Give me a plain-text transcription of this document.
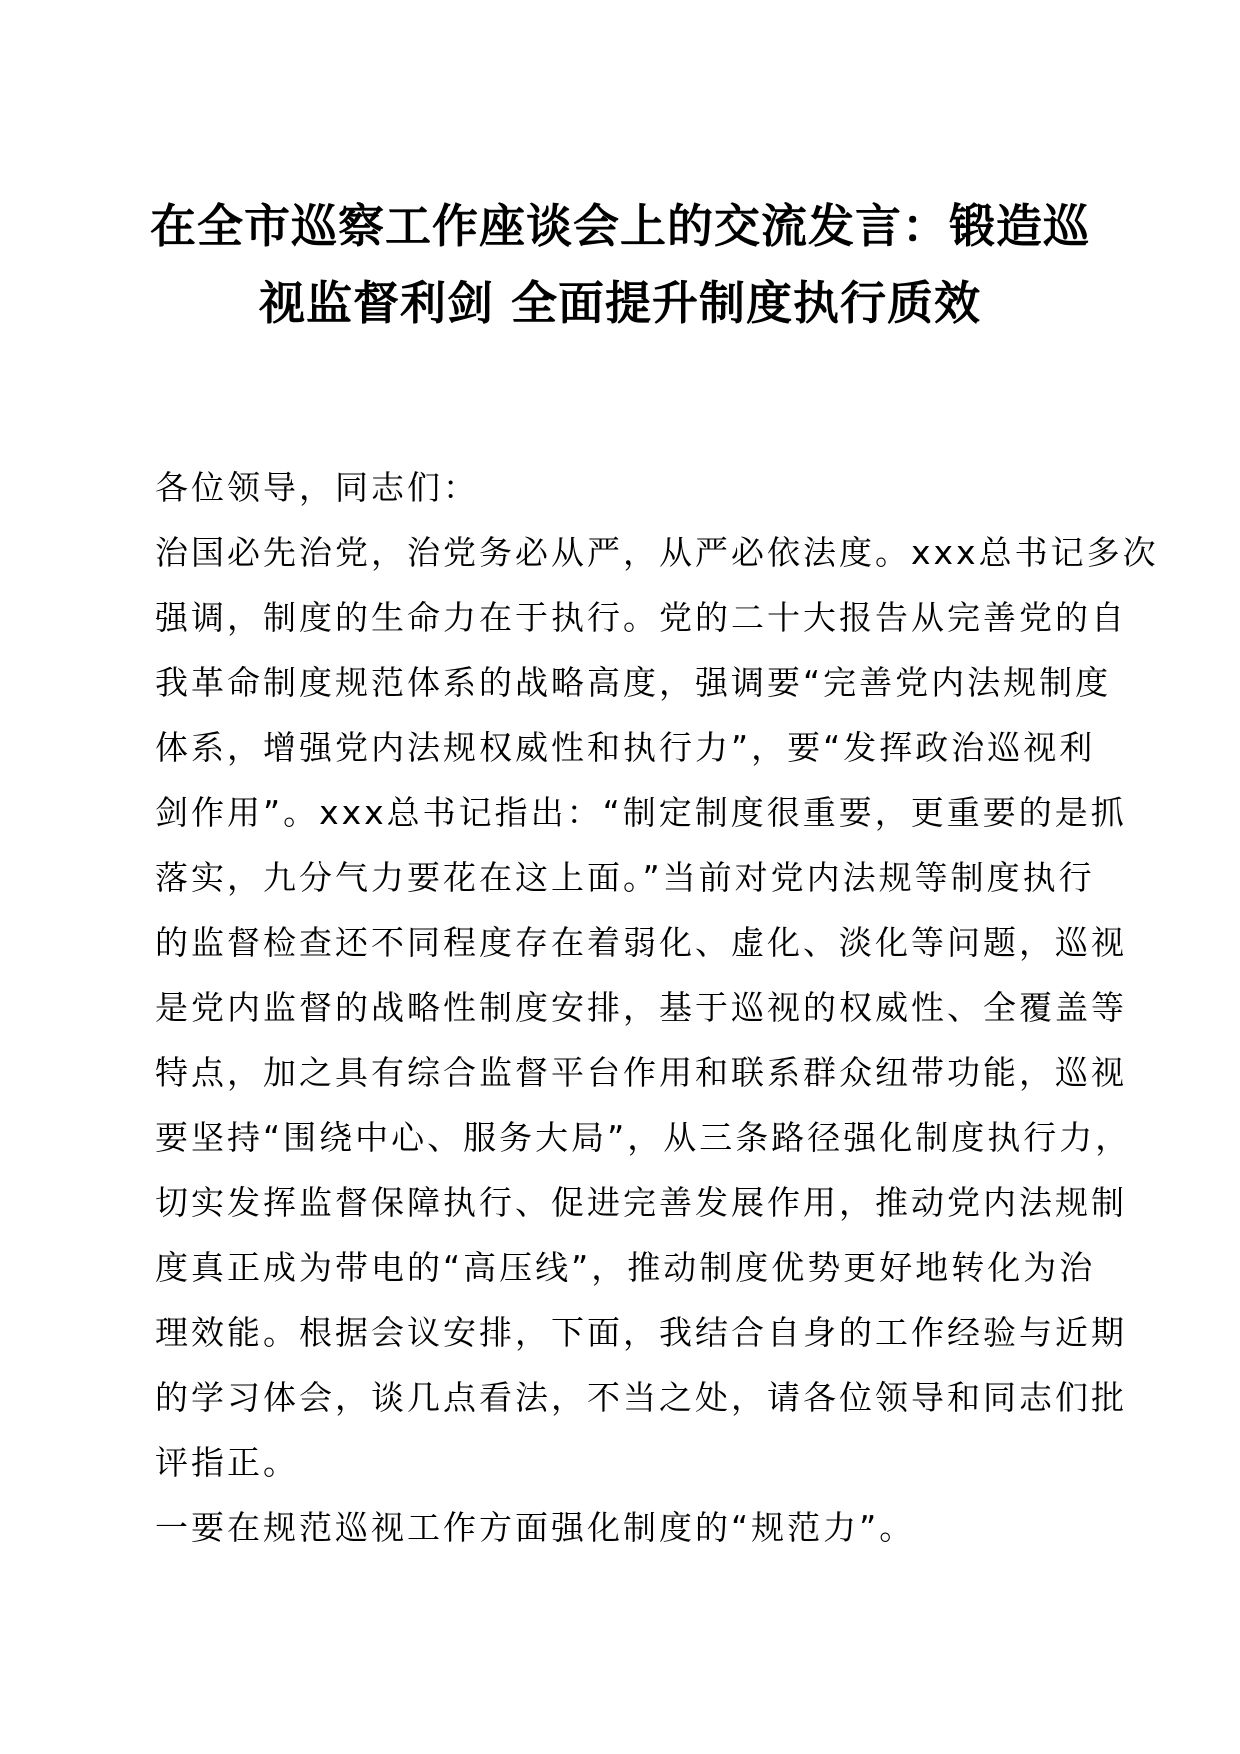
在全市巡察工作座谈会上的交流发言：锻造巡
视监督利剑 全面提升制度执行质效

各位领导，同志们：

治国必先治党，治党务必从严，从严必依法度。xxx总书记多次
强调，制度的生命力在于执行。党的二十大报告从完善党的自
我革命制度规范体系的战略高度，强调要“完善党内法规制度
体系，增强党内法规权威性和执行力”，要“发挥政治巡视利
剑作用”。xxx总书记指出：“制定制度很重要，更重要的是抓
落实，九分气力要花在这上面。”当前对党内法规等制度执行
的监督检查还不同程度存在着弱化、虚化、淡化等问题，巡视
是党内监督的战略性制度安排，基于巡视的权威性、全覆盖等
特点，加之具有综合监督平台作用和联系群众纽带功能，巡视
要坚持“围绕中心、服务大局”，从三条路径强化制度执行力，
切实发挥监督保障执行、促进完善发展作用，推动党内法规制
度真正成为带电的“高压线”，推动制度优势更好地转化为治
理效能。根据会议安排，下面，我结合自身的工作经验与近期
的学习体会，谈几点看法，不当之处，请各位领导和同志们批
评指正。

一要在规范巡视工作方面强化制度的“规范力”。
